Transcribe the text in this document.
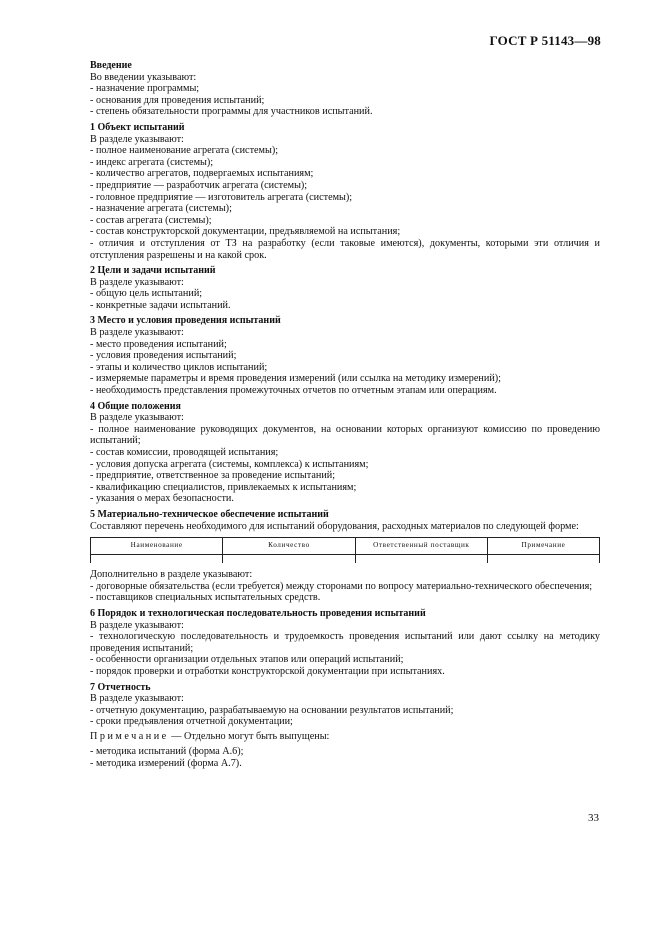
ГОСТ Р 51143—98
Введение
Во введении указывают:
- назначение программы;
- основания для проведения испытаний;
- степень обязательности программы для участников испытаний.
1 Объект испытаний
В разделе указывают:
- полное наименование агрегата (системы);
- индекс агрегата (системы);
- количество агрегатов, подвергаемых испытаниям;
- предприятие — разработчик агрегата (системы);
- головное предприятие — изготовитель агрегата (системы);
- назначение агрегата (системы);
- состав агрегата (системы);
- состав конструкторской документации, предъявляемой на испытания;
- отличия и отступления от ТЗ на разработку (если таковые имеются), документы, которыми эти отличия и отступления разрешены и на какой срок.
2 Цели и задачи испытаний
В разделе указывают:
- общую цель испытаний;
- конкретные задачи испытаний.
3 Место и условия проведения испытаний
В разделе указывают:
- место проведения испытаний;
- условия проведения испытаний;
- этапы и количество циклов испытаний;
- измеряемые параметры и время проведения измерений (или ссылка на методику измерений);
- необходимость представления промежуточных отчетов по отчетным этапам или операциям.
4 Общие положения
В разделе указывают:
- полное наименование руководящих документов, на основании которых организуют комиссию по проведению испытаний;
- состав комиссии, проводящей испытания;
- условия допуска агрегата (системы, комплекса) к испытаниям;
- предприятие, ответственное за проведение испытаний;
- квалификацию специалистов, привлекаемых к испытаниям;
- указания о мерах безопасности.
5 Материально-техническое обеспечение испытаний
Составляют перечень необходимого для испытаний оборудования, расходных материалов по следующей форме:
Наименование	Количество	Ответственный поставщик	Примечание

Дополнительно в разделе указывают:
- договорные обязательства (если требуется) между сторонами по вопросу материально-технического обеспечения;
- поставщиков специальных испытательных средств.
6 Порядок и технологическая последовательность проведения испытаний
В разделе указывают:
- технологическую последовательность и трудоемкость проведения испытаний или дают ссылку на методику проведения испытаний;
- особенности организации отдельных этапов или операций испытаний;
- порядок проверки и отработки конструкторской документации при испытаниях.
7 Отчетность
В разделе указывают:
- отчетную документацию, разрабатываемую на основании результатов испытаний;
- сроки предъявления отчетной документации;
Примечание — Отдельно могут быть выпущены:
- методика испытаний (форма А.6);
- методика измерений (форма А.7).
33
